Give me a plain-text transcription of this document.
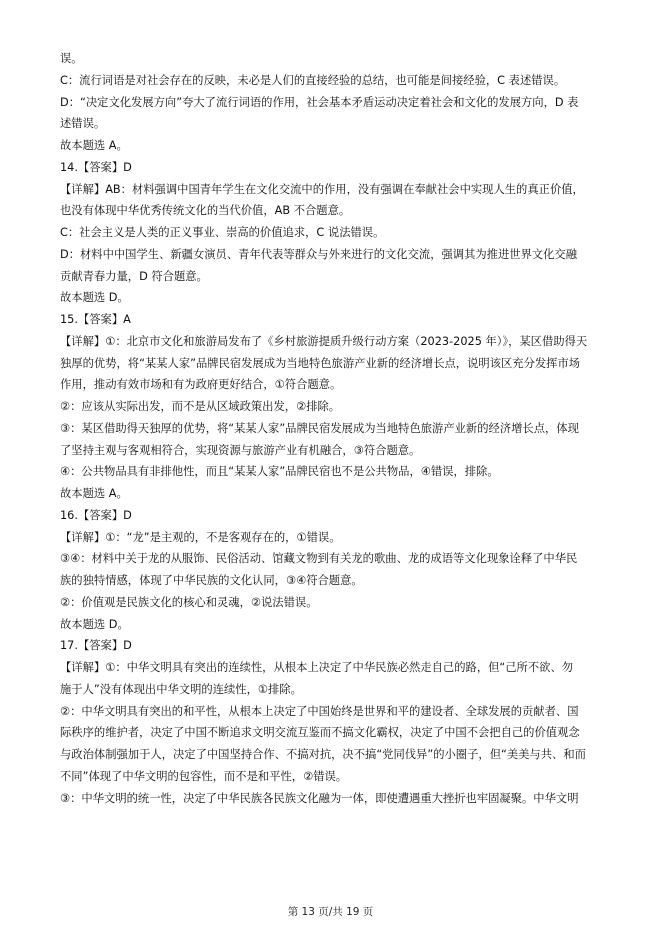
误。
C：流行词语是对社会存在的反映，未必是人们的直接经验的总结，也可能是间接经验，C 表述错误。
D：“决定文化发展方向”夸大了流行词语的作用，社会基本矛盾运动决定着社会和文化的发展方向，D 表
述错误。
故本题选 A。
14.【答案】D
【详解】AB：材料强调中国青年学生在文化交流中的作用，没有强调在奉献社会中实现人生的真正价值，
也没有体现中华优秀传统文化的当代价值，AB 不合题意。
C：社会主义是人类的正义事业、崇高的价值追求，C 说法错误。
D：材料中中国学生、新疆女演员、青年代表等群众与外来进行的文化交流，强调其为推进世界文化交融
贡献青春力量，D 符合题意。
故本题选 D。
15.【答案】A
【详解】①：北京市文化和旅游局发布了《乡村旅游提质升级行动方案（2023-2025 年）》，某区借助得天
独厚的优势，将“某某人家”品牌民宿发展成为当地特色旅游产业新的经济增长点，说明该区充分发挥市场
作用，推动有效市场和有为政府更好结合，①符合题意。
②：应该从实际出发，而不是从区域政策出发，②排除。
③：某区借助得天独厚的优势，将“某某人家”品牌民宿发展成为当地特色旅游产业新的经济增长点，体现
了坚持主观与客观相符合，实现资源与旅游产业有机融合，③符合题意。
④：公共物品具有非排他性，而且“某某人家”品牌民宿也不是公共物品，④错误，排除。
故本题选 A。
16.【答案】D
【详解】①：“龙”是主观的，不是客观存在的，①错误。
③④：材料中关于龙的从服饰、民俗活动、馆藏文物到有关龙的歌曲、龙的成语等文化现象诠释了中华民
族的独特情感，体现了中华民族的文化认同，③④符合题意。
②：价值观是民族文化的核心和灵魂，②说法错误。
故本题选 D。
17.【答案】D
【详解】①：中华文明具有突出的连续性，从根本上决定了中华民族必然走自己的路，但“己所不欲、勿
施于人”没有体现出中华文明的连续性，①排除。
②：中华文明具有突出的和平性，从根本上决定了中国始终是世界和平的建设者、全球发展的贡献者、国
际秩序的维护者，决定了中国不断追求文明交流互鉴而不搞文化霸权，决定了中国不会把自己的价值观念
与政治体制强加于人，决定了中国坚持合作、不搞对抗，决不搞“党同伐异”的小圈子，但“美美与共、和而
不同”体现了中华文明的包容性，而不是和平性，②错误。
③：中华文明的统一性，决定了中华民族各民族文化融为一体，即使遭遇重大挫折也牢固凝聚。中华文明
第 13 页/共 19 页
